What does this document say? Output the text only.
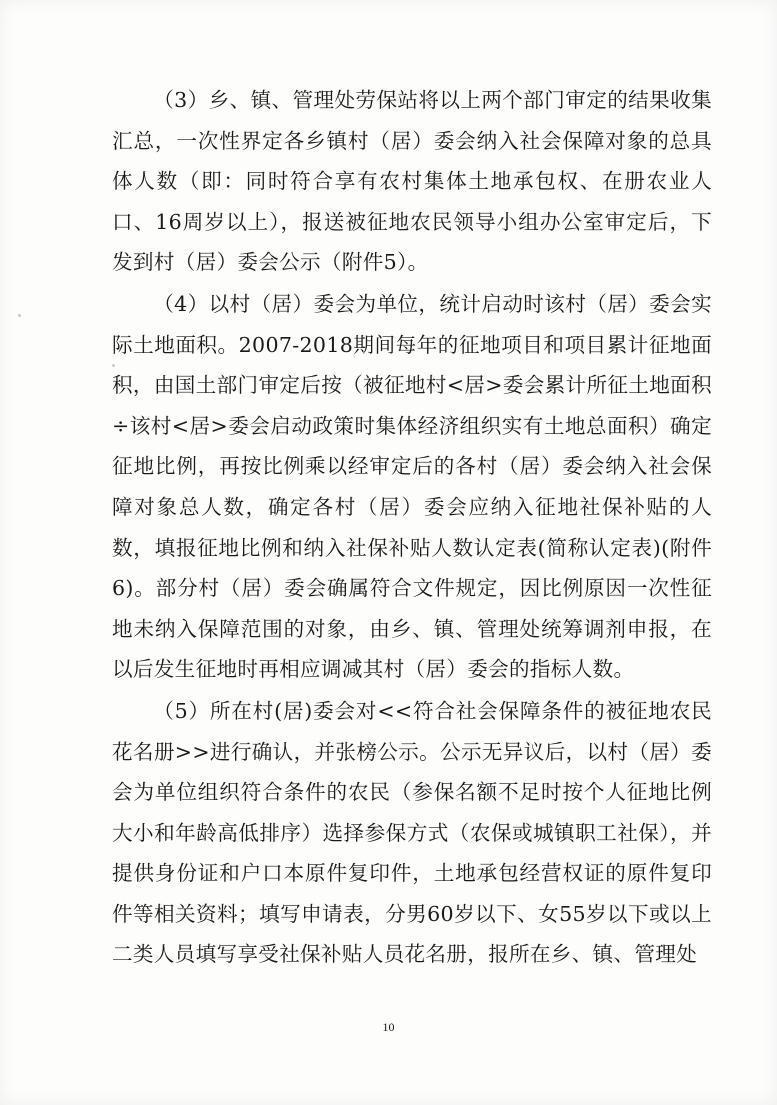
（3）乡、镇、管理处劳保站将以上两个部门审定的结果收集汇总，一次性界定各乡镇村（居）委会纳入社会保障对象的总具体人数（即：同时符合享有农村集体土地承包权、在册农业人口、16周岁以上），报送被征地农民领导小组办公室审定后，下发到村（居）委会公示（附件5）。

（4）以村（居）委会为单位，统计启动时该村（居）委会实际土地面积。2007-2018期间每年的征地项目和项目累计征地面积，由国土部门审定后按（被征地村<居>委会累计所征土地面积÷该村<居>委会启动政策时集体经济组织实有土地总面积）确定征地比例，再按比例乘以经审定后的各村（居）委会纳入社会保障对象总人数，确定各村（居）委会应纳入征地社保补贴的人数，填报征地比例和纳入社保补贴人数认定表(简称认定表)(附件6)。部分村（居）委会确属符合文件规定，因比例原因一次性征地未纳入保障范围的对象，由乡、镇、管理处统筹调剂申报，在以后发生征地时再相应调减其村（居）委会的指标人数。

（5）所在村(居)委会对<<符合社会保障条件的被征地农民花名册>>进行确认，并张榜公示。公示无异议后，以村（居）委会为单位组织符合条件的农民（参保名额不足时按个人征地比例大小和年龄高低排序）选择参保方式（农保或城镇职工社保），并提供身份证和户口本原件复印件，土地承包经营权证的原件复印件等相关资料；填写申请表，分男60岁以下、女55岁以下或以上二类人员填写享受社保补贴人员花名册，报所在乡、镇、管理处

10
